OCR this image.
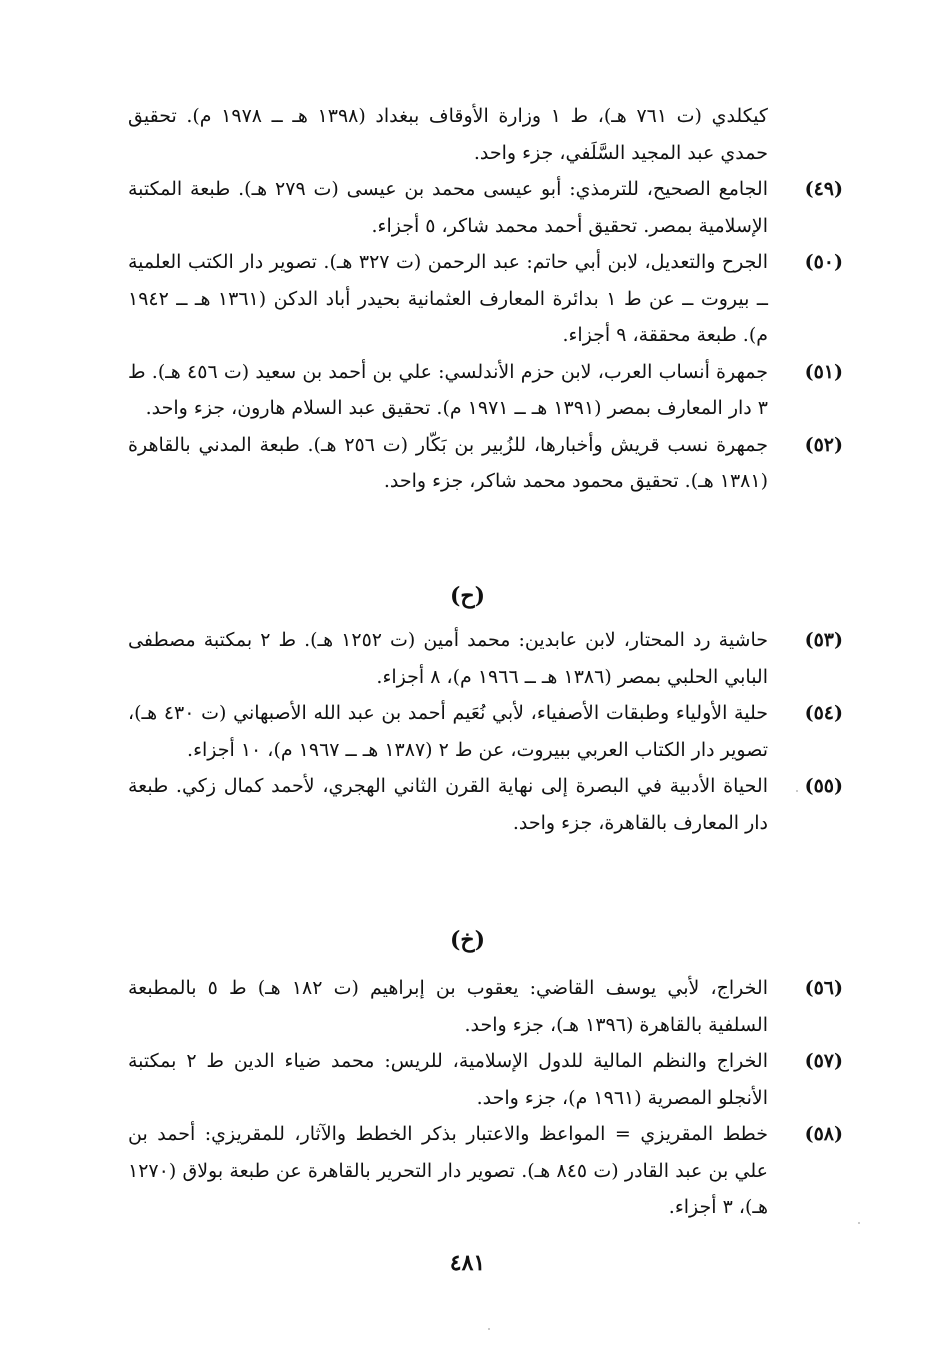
كيكلدي (ت ٧٦١ هـ)، ط ١ وزارة الأوقاف ببغداد (١٣٩٨ هـ ــ ١٩٧٨ م). تحقيق حمدي عبد المجيد السَّلَفي، جزء واحد.
(٤٩)
الجامع الصحيح، للترمذي: أبو عيسى محمد بن عيسى (ت ٢٧٩ هـ). طبعة المكتبة الإسلامية بمصر. تحقيق أحمد محمد شاكر، ٥ أجزاء.
(٥٠)
الجرح والتعديل، لابن أبي حاتم: عبد الرحمن (ت ٣٢٧ هـ). تصوير دار الكتب العلمية ــ بيروت ــ عن ط ١ بدائرة المعارف العثمانية بحيدر أباد الدكن (١٣٦١ هـ ــ ١٩٤٢ م). طبعة محققة، ٩ أجزاء.
(٥١)
جمهرة أنساب العرب، لابن حزم الأندلسي: علي بن أحمد بن سعيد (ت ٤٥٦ هـ). ط ٣ دار المعارف بمصر (١٣٩١ هـ ــ ١٩٧١ م). تحقيق عبد السلام هارون، جزء واحد.
(٥٢)
جمهرة نسب قريش وأخبارها، للزُبير بن بَكّار (ت ٢٥٦ هـ). طبعة المدني بالقاهرة (١٣٨١ هـ). تحقيق محمود محمد شاكر، جزء واحد.
(ح)
(٥٣)
حاشية رد المحتار، لابن عابدين: محمد أمين (ت ١٢٥٢ هـ). ط ٢ بمكتبة مصطفى البابي الحلبي بمصر (١٣٨٦ هـ ــ ١٩٦٦ م)، ٨ أجزاء.
(٥٤)
حلية الأولياء وطبقات الأصفياء، لأبي نُعَيم أحمد بن عبد الله الأصبهاني (ت ٤٣٠ هـ)، تصوير دار الكتاب العربي ببيروت، عن ط ٢ (١٣٨٧ هـ ــ ١٩٦٧ م)، ١٠ أجزاء.
(٥٥)
الحياة الأدبية في البصرة إلى نهاية القرن الثاني الهجري، لأحمد كمال زكي. طبعة دار المعارف بالقاهرة، جزء واحد.
(خ)
(٥٦)
الخراج، لأبي يوسف القاضي: يعقوب بن إبراهيم (ت ١٨٢ هـ) ط ٥ بالمطبعة السلفية بالقاهرة (١٣٩٦ هـ)، جزء واحد.
(٥٧)
الخراج والنظم المالية للدول الإسلامية، للريس: محمد ضياء الدين ط ٢ بمكتبة الأنجلو المصرية (١٩٦١ م)، جزء واحد.
(٥٨)
خطط المقريزي = المواعظ والاعتبار بذكر الخطط والآثار، للمقريزي: أحمد بن علي بن عبد القادر (ت ٨٤٥ هـ). تصوير دار التحرير بالقاهرة عن طبعة بولاق (١٢٧٠ هـ)، ٣ أجزاء.
٤٨١
